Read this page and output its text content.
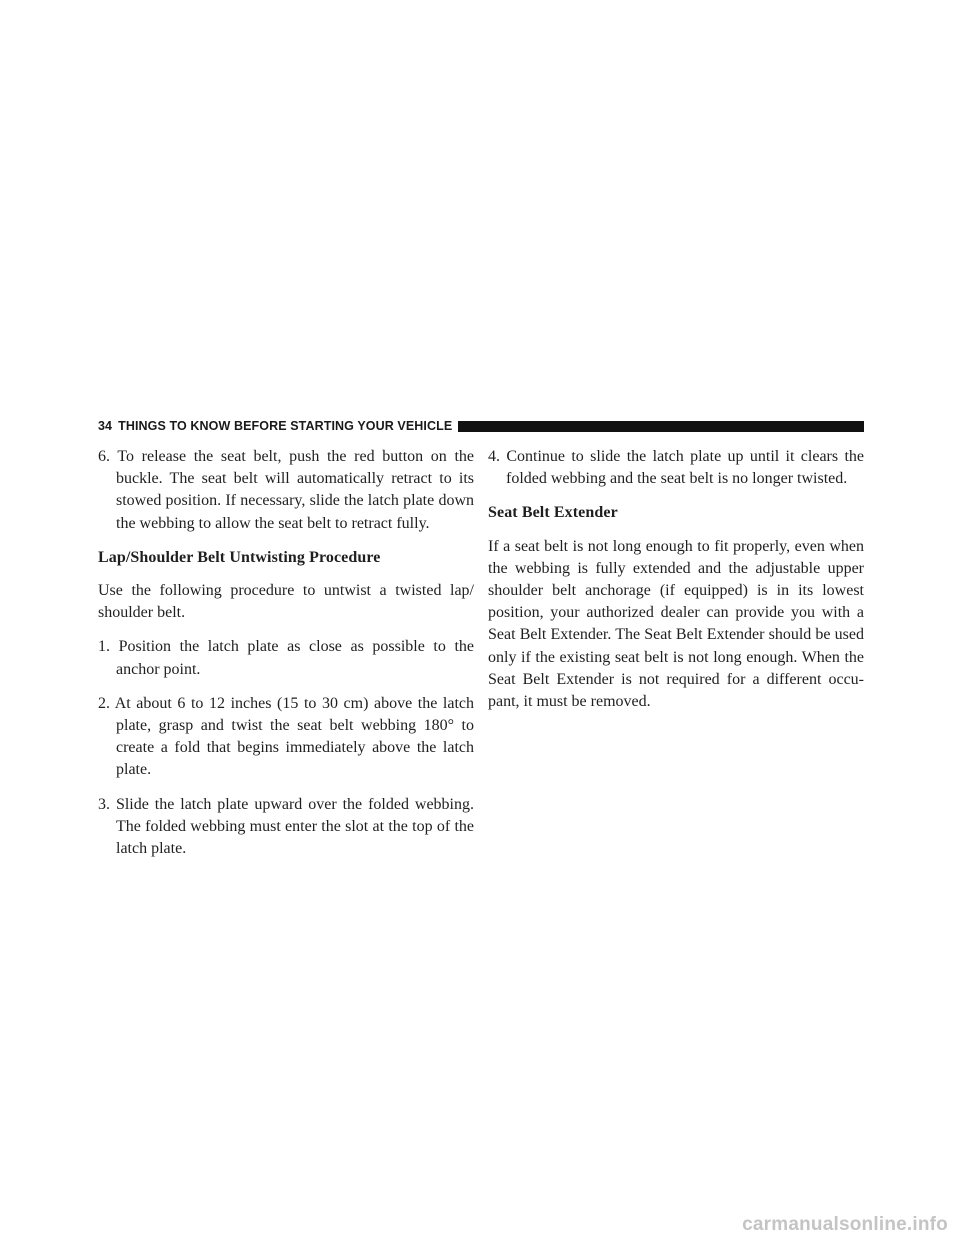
34 THINGS TO KNOW BEFORE STARTING YOUR VEHICLE

6. To release the seat belt, push the red button on the buckle. The seat belt will automatically retract to its stowed position. If necessary, slide the latch plate down the webbing to allow the seat belt to retract fully.

Lap/Shoulder Belt Untwisting Procedure

Use the following procedure to untwist a twisted lap/ shoulder belt.

1. Position the latch plate as close as possible to the anchor point.

2. At about 6 to 12 inches (15 to 30 cm) above the latch plate, grasp and twist the seat belt webbing 180° to create a fold that begins immediately above the latch plate.

3. Slide the latch plate upward over the folded webbing. The folded webbing must enter the slot at the top of the latch plate.

4. Continue to slide the latch plate up until it clears the folded webbing and the seat belt is no longer twisted.

Seat Belt Extender

If a seat belt is not long enough to fit properly, even when the webbing is fully extended and the adjustable upper shoulder belt anchorage (if equipped) is in its lowest position, your authorized dealer can provide you with a Seat Belt Extender. The Seat Belt Extender should be used only if the existing seat belt is not long enough. When the Seat Belt Extender is not required for a different occu-pant, it must be removed.

carmanualsonline.info
